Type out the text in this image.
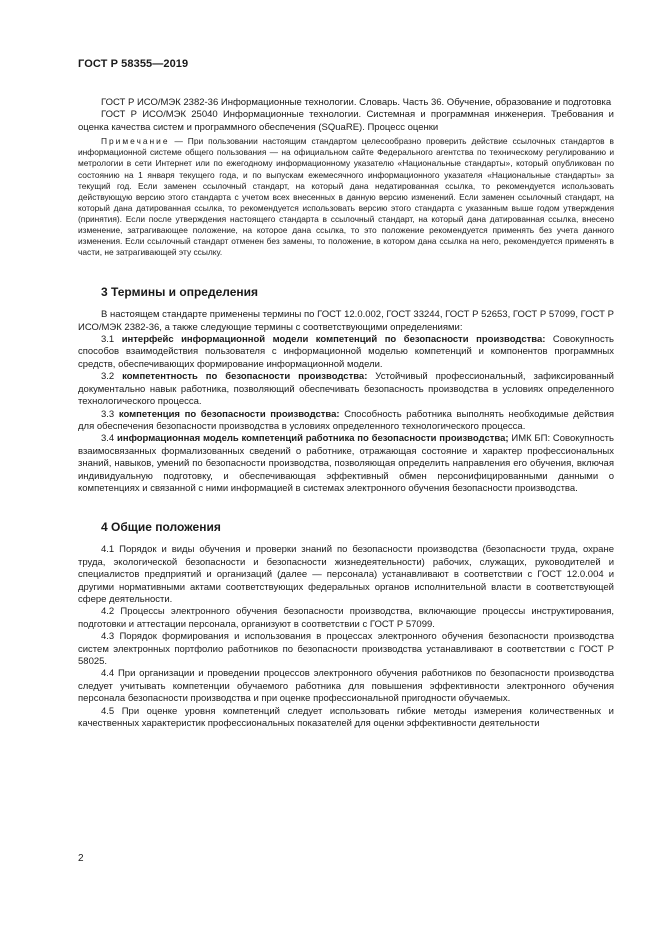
ГОСТ Р 58355—2019

ГОСТ Р ИСО/МЭК 2382-36 Информационные технологии. Словарь. Часть 36. Обучение, образование и подготовка

ГОСТ Р ИСО/МЭК 25040 Информационные технологии. Системная и программная инженерия. Требования и оценка качества систем и программного обеспечения (SQuaRE). Процесс оценки

Примечание — При пользовании настоящим стандартом целесообразно проверить действие ссылочных стандартов в информационной системе общего пользования — на официальном сайте Федерального агентства по техническому регулированию и метрологии в сети Интернет или по ежегодному информационному указателю «Национальные стандарты», который опубликован по состоянию на 1 января текущего года, и по выпускам ежемесячного информационного указателя «Национальные стандарты» за текущий год. Если заменен ссылочный стандарт, на который дана недатированная ссылка, то рекомендуется использовать действующую версию этого стандарта с учетом всех внесенных в данную версию изменений. Если заменен ссылочный стандарт, на который дана датированная ссылка, то рекомендуется использовать версию этого стандарта с указанным выше годом утверждения (принятия). Если после утверждения настоящего стандарта в ссылочный стандарт, на который дана датированная ссылка, внесено изменение, затрагивающее положение, на которое дана ссылка, то это положение рекомендуется применять без учета данного изменения. Если ссылочный стандарт отменен без замены, то положение, в котором дана ссылка на него, рекомендуется применять в части, не затрагивающей эту ссылку.

3 Термины и определения

В настоящем стандарте применены термины по ГОСТ 12.0.002, ГОСТ 33244, ГОСТ Р 52653, ГОСТ Р 57099, ГОСТ Р ИСО/МЭК 2382-36, а также следующие термины с соответствующими определениями:

3.1 интерфейс информационной модели компетенций по безопасности производства: Совокупность способов взаимодействия пользователя с информационной моделью компетенций и компонентов программных средств, обеспечивающих формирование информационной модели.

3.2 компетентность по безопасности производства: Устойчивый профессиональный, зафиксированный документально навык работника, позволяющий обеспечивать безопасность производства в условиях определенного технологического процесса.

3.3 компетенция по безопасности производства: Способность работника выполнять необходимые действия для обеспечения безопасности производства в условиях определенного технологического процесса.

3.4 информационная модель компетенций работника по безопасности производства; ИМК БП: Совокупность взаимосвязанных формализованных сведений о работнике, отражающая состояние и характер профессиональных знаний, навыков, умений по безопасности производства, позволяющая определить направления его обучения, включая индивидуальную подготовку, и обеспечивающая эффективный обмен персонифицированными данными о компетенциях и связанной с ними информацией в системах электронного обучения безопасности производства.

4 Общие положения

4.1 Порядок и виды обучения и проверки знаний по безопасности производства (безопасности труда, охране труда, экологической безопасности и безопасности жизнедеятельности) рабочих, служащих, руководителей и специалистов предприятий и организаций (далее — персонала) устанавливают в соответствии с ГОСТ 12.0.004 и другими нормативными актами соответствующих федеральных органов исполнительной власти в соответствующей сфере деятельности.

4.2 Процессы электронного обучения безопасности производства, включающие процессы инструктирования, подготовки и аттестации персонала, организуют в соответствии с ГОСТ Р 57099.

4.3 Порядок формирования и использования в процессах электронного обучения безопасности производства систем электронных портфолио работников по безопасности производства устанавливают в соответствии с ГОСТ Р 58025.

4.4 При организации и проведении процессов электронного обучения работников по безопасности производства следует учитывать компетенции обучаемого работника для повышения эффективности электронного обучения персонала безопасности производства и при оценке профессиональной пригодности обучаемых.

4.5 При оценке уровня компетенций следует использовать гибкие методы измерения количественных и качественных характеристик профессиональных показателей для оценки эффективности деятельности

2
